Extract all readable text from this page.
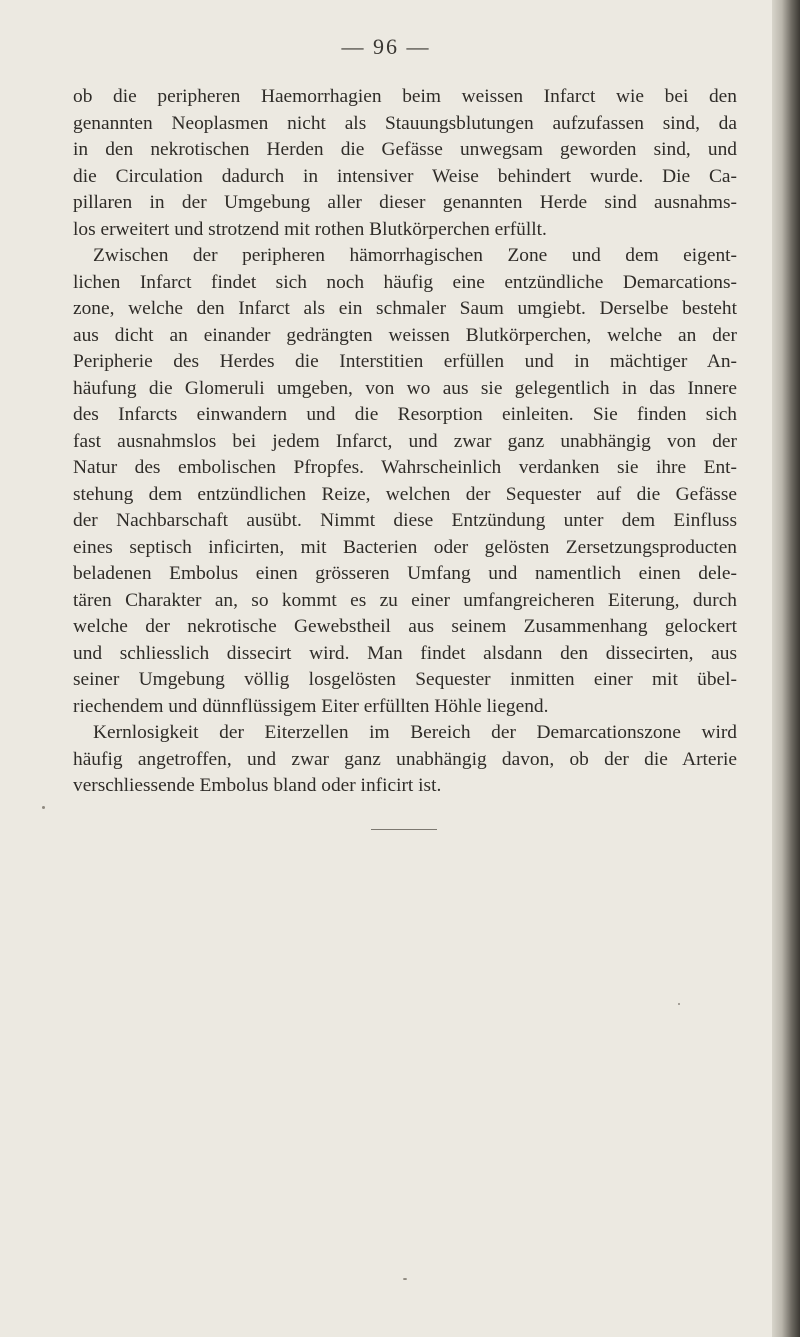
— 96 —
ob die peripheren Haemorrhagien beim weissen Infarct wie bei den
genannten Neoplasmen nicht als Stauungsblutungen aufzufassen sind, da
in den nekrotischen Herden die Gefässe unwegsam geworden sind, und
die Circulation dadurch in intensiver Weise behindert wurde. Die Ca-
pillaren in der Umgebung aller dieser genannten Herde sind ausnahms-
los erweitert und strotzend mit rothen Blutkörperchen erfüllt.
Zwischen der peripheren hämorrhagischen Zone und dem eigent-
lichen Infarct findet sich noch häufig eine entzündliche Demarcations-
zone, welche den Infarct als ein schmaler Saum umgiebt. Derselbe besteht
aus dicht an einander gedrängten weissen Blutkörperchen, welche an der
Peripherie des Herdes die Interstitien erfüllen und in mächtiger An-
häufung die Glomeruli umgeben, von wo aus sie gelegentlich in das Innere
des Infarcts einwandern und die Resorption einleiten. Sie finden sich
fast ausnahmslos bei jedem Infarct, und zwar ganz unabhängig von der
Natur des embolischen Pfropfes. Wahrscheinlich verdanken sie ihre Ent-
stehung dem entzündlichen Reize, welchen der Sequester auf die Gefässe
der Nachbarschaft ausübt. Nimmt diese Entzündung unter dem Einfluss
eines septisch inficirten, mit Bacterien oder gelösten Zersetzungsproducten
beladenen Embolus einen grösseren Umfang und namentlich einen dele-
tären Charakter an, so kommt es zu einer umfangreicheren Eiterung, durch
welche der nekrotische Gewebstheil aus seinem Zusammenhang gelockert
und schliesslich dissecirt wird. Man findet alsdann den dissecirten, aus
seiner Umgebung völlig losgelösten Sequester inmitten einer mit übel-
riechendem und dünnflüssigem Eiter erfüllten Höhle liegend.
Kernlosigkeit der Eiterzellen im Bereich der Demarcationszone wird
häufig angetroffen, und zwar ganz unabhängig davon, ob der die Arterie
verschliessende Embolus bland oder inficirt ist.
